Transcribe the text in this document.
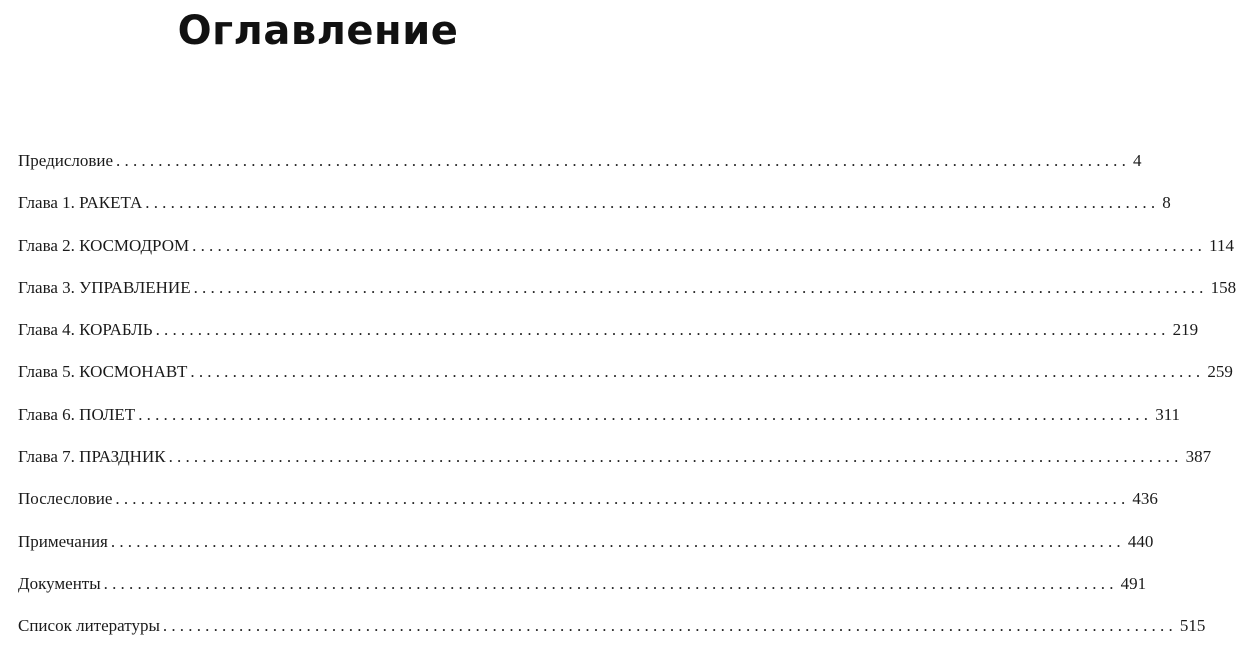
Оглавление
Предисловие ........................................................................................................................ 4
Глава 1. РАКЕТА ........................................................................................................................ 8
Глава 2. КОСМОДРОМ ........................................................................................................................ 114
Глава 3. УПРАВЛЕНИЕ ........................................................................................................................ 158
Глава 4. КОРАБЛЬ ........................................................................................................................ 219
Глава 5. КОСМОНАВТ ........................................................................................................................ 259
Глава 6. ПОЛЕТ ........................................................................................................................ 311
Глава 7. ПРАЗДНИК ........................................................................................................................ 387
Послесловие ........................................................................................................................ 436
Примечания ........................................................................................................................ 440
Документы ........................................................................................................................ 491
Список литературы ........................................................................................................................ 515
